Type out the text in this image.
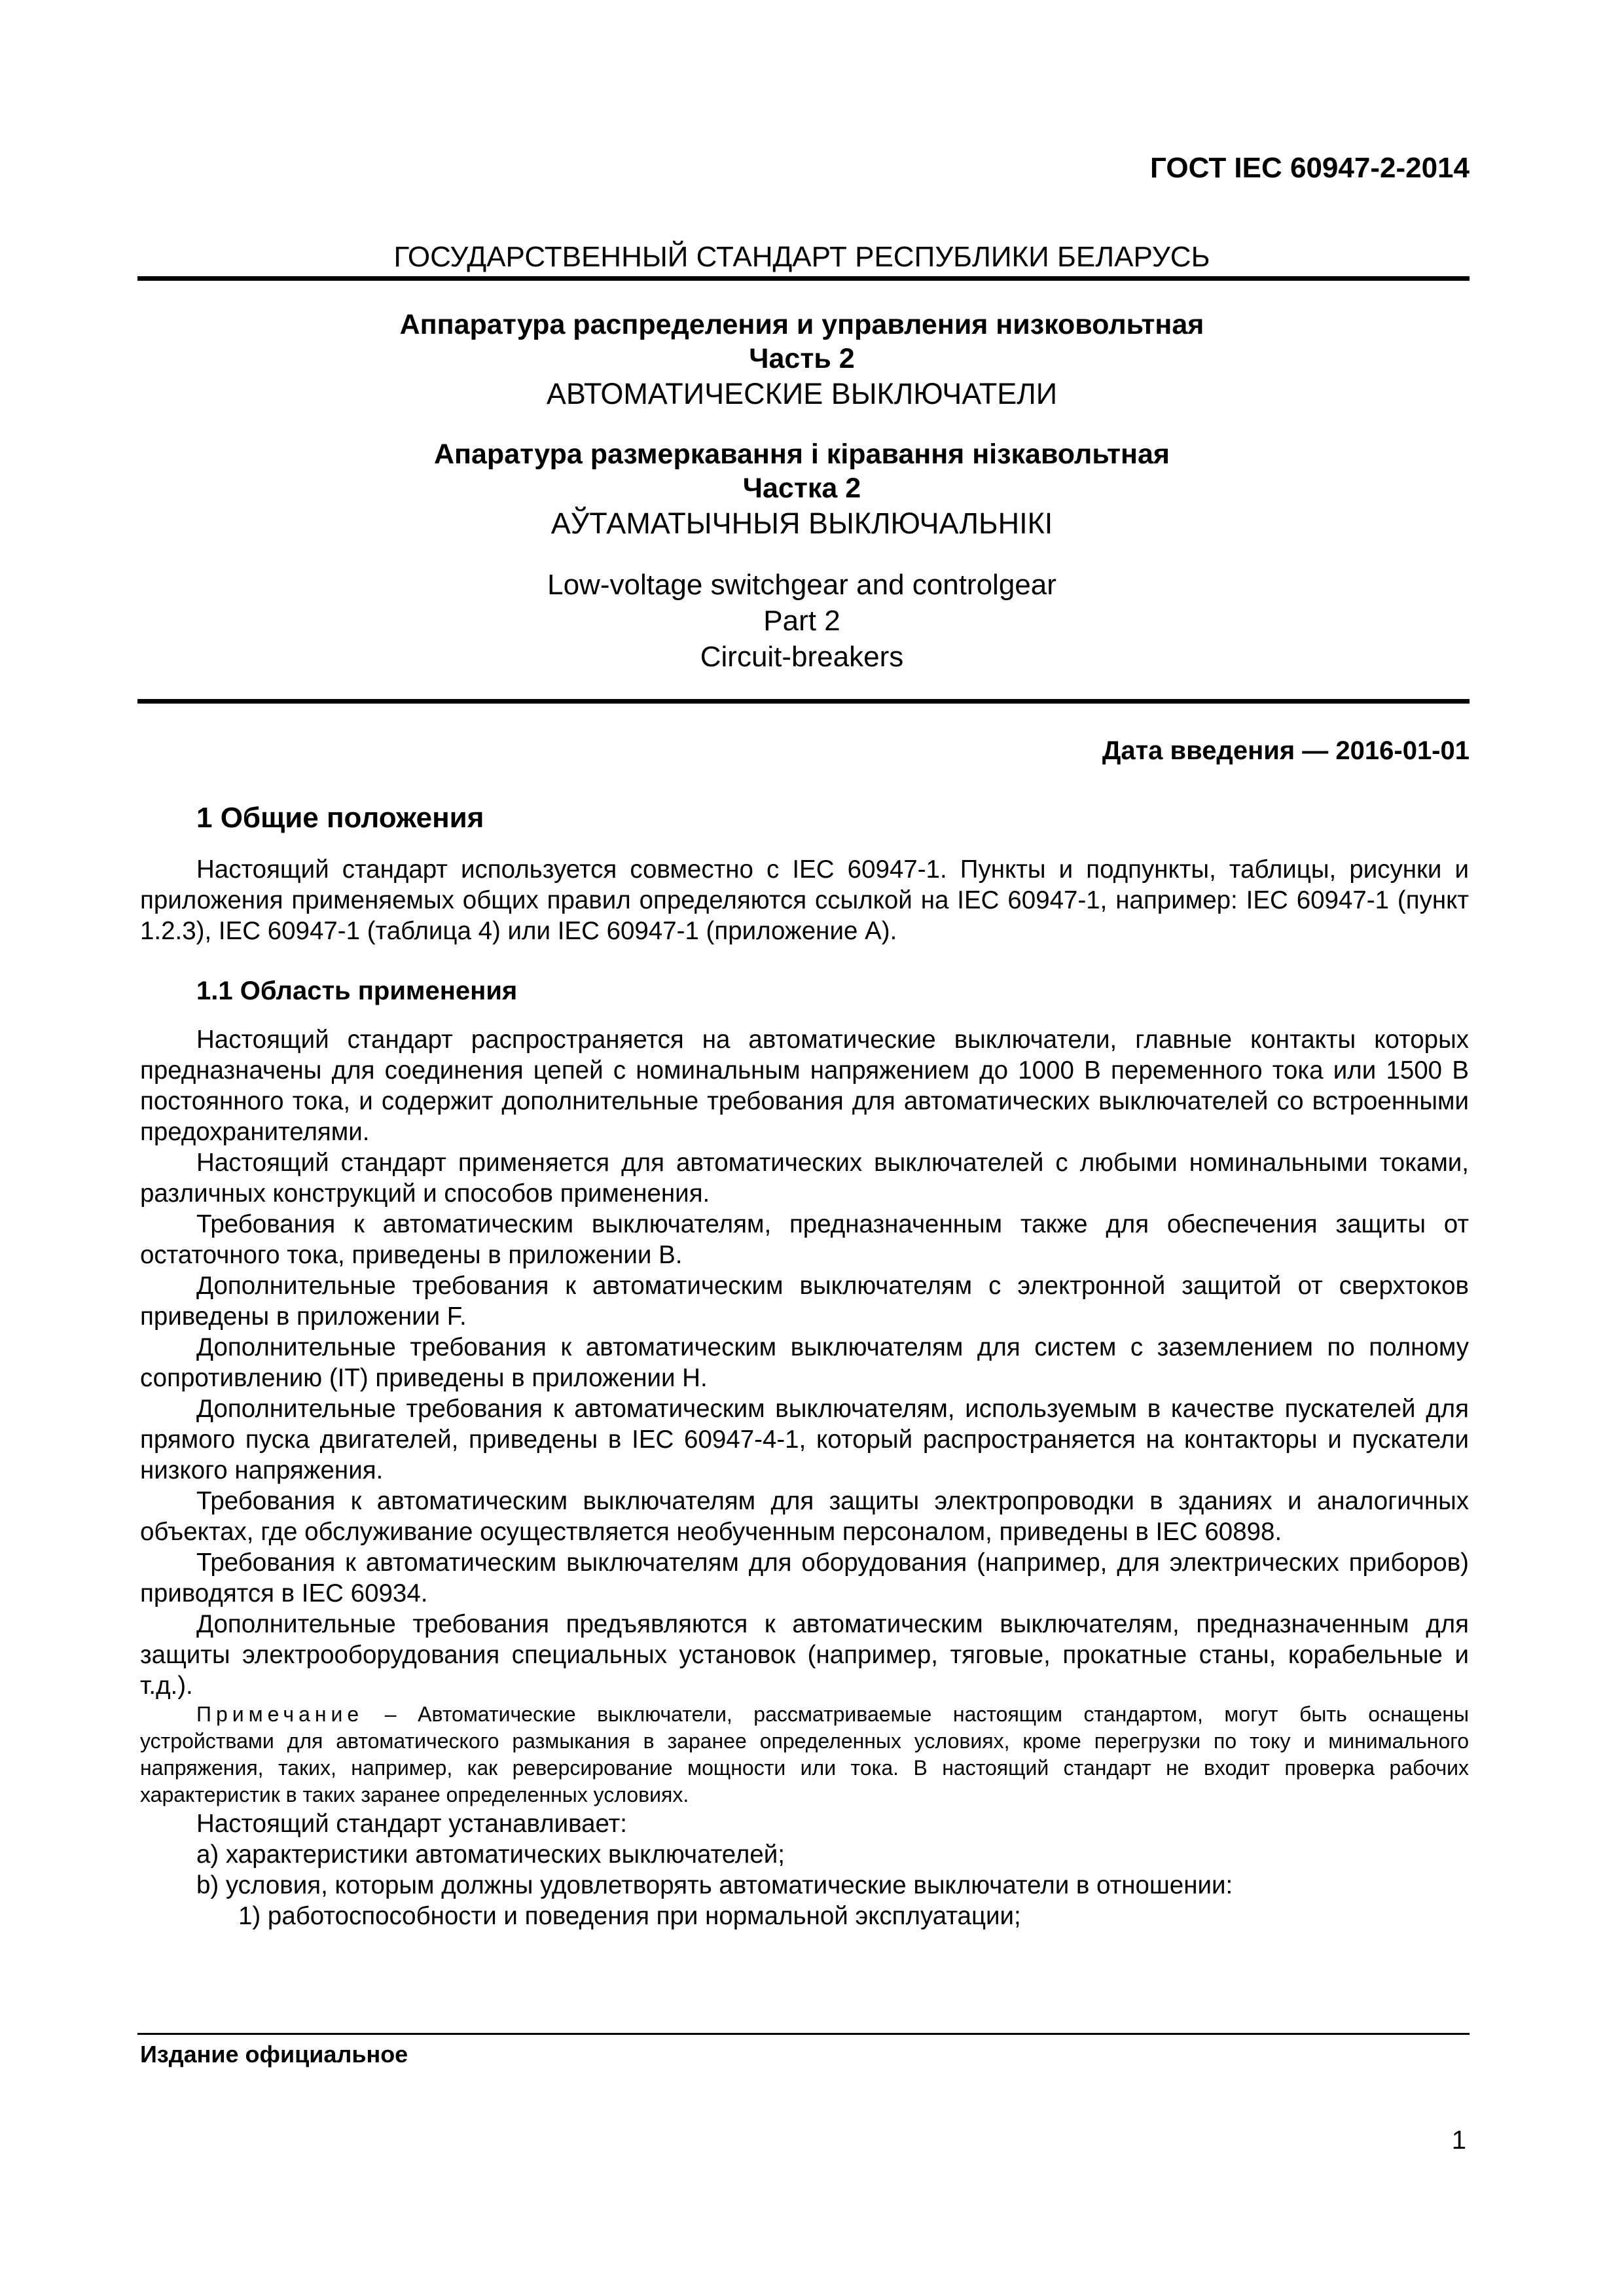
ГОСТ IEC 60947-2-2014
ГОСУДАРСТВЕННЫЙ СТАНДАРТ РЕСПУБЛИКИ БЕЛАРУСЬ
Аппаратура распределения и управления низковольтная
Часть 2
АВТОМАТИЧЕСКИЕ ВЫКЛЮЧАТЕЛИ
Апаратура размеркавання і кіравання нізкавольтная
Частка 2
АЎТАМАТЫЧНЫЯ ВЫКЛЮЧАЛЬНІКІ
Low-voltage switchgear and controlgear
Part 2
Circuit-breakers
Дата введения — 2016-01-01
1 Общие положения

Настоящий стандарт используется совместно с IEC 60947-1. Пункты и подпункты, таблицы, рисунки и приложения применяемых общих правил определяются ссылкой на IEC 60947-1, например: IEC 60947-1 (пункт 1.2.3), IEC 60947-1 (таблица 4) или IEC 60947-1 (приложение А).

1.1 Область применения

Настоящий стандарт распространяется на автоматические выключатели, главные контакты которых предназначены для соединения цепей с номинальным напряжением до 1000 В переменного тока или 1500 В постоянного тока, и содержит дополнительные требования для автоматических выключателей со встроенными предохранителями.

Настоящий стандарт применяется для автоматических выключателей с любыми номинальными токами, различных конструкций и способов применения.

Требования к автоматическим выключателям, предназначенным также для обеспечения защиты от остаточного тока, приведены в приложении В.

Дополнительные требования к автоматическим выключателям с электронной защитой от сверхтоков приведены в приложении F.

Дополнительные требования к автоматическим выключателям для систем с заземлением по полному сопротивлению (IT) приведены в приложении Н.

Дополнительные требования к автоматическим выключателям, используемым в качестве пускателей для прямого пуска двигателей, приведены в IEC 60947-4-1, который распространяется на контакторы и пускатели низкого напряжения.

Требования к автоматическим выключателям для защиты электропроводки в зданиях и аналогичных объектах, где обслуживание осуществляется необученным персоналом, приведены в IEC 60898.

Требования к автоматическим выключателям для оборудования (например, для электрических приборов) приводятся в IEC 60934.

Дополнительные требования предъявляются к автоматическим выключателям, предназначенным для защиты электрооборудования специальных установок (например, тяговые, прокатные станы, корабельные и т.д.).

Примечание – Автоматические выключатели, рассматриваемые настоящим стандартом, могут быть оснащены устройствами для автоматического размыкания в заранее определенных условиях, кроме перегрузки по току и минимального напряжения, таких, например, как реверсирование мощности или тока. В настоящий стандарт не входит проверка рабочих характеристик в таких заранее определенных условиях.

Настоящий стандарт устанавливает:

а) характеристики автоматических выключателей;
b) условия, которым должны удовлетворять автоматические выключатели в отношении:
1) работоспособности и поведения при нормальной эксплуатации;
Издание официальное
1
